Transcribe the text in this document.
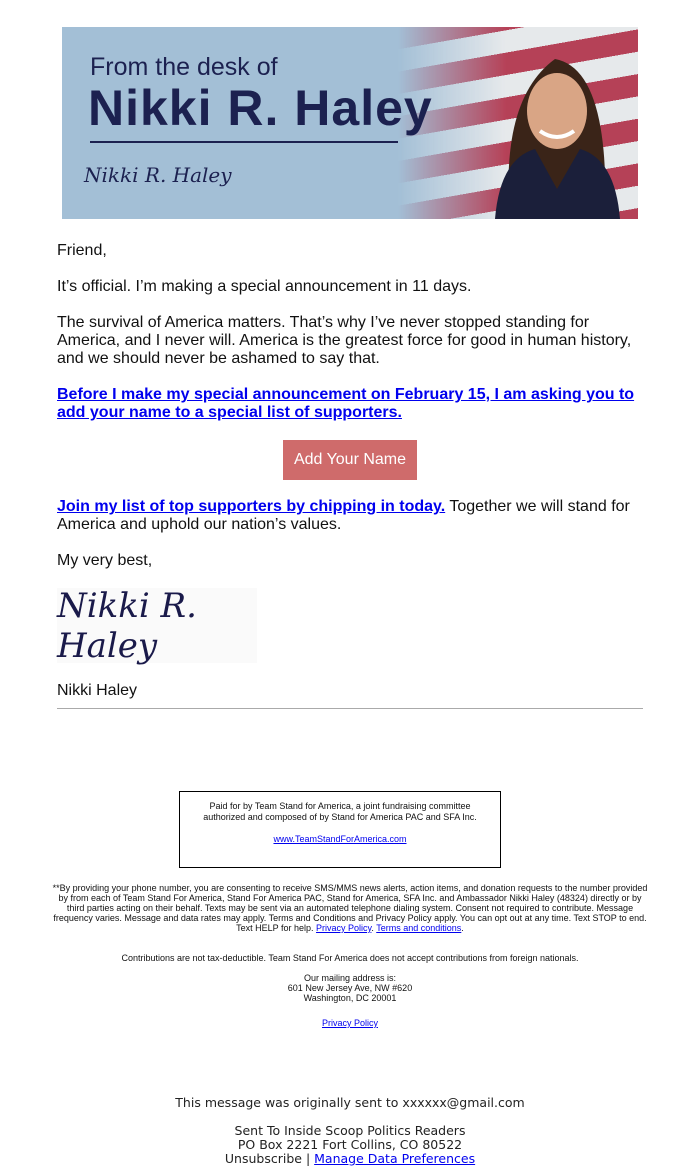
From the desk of
Nikki R. Haley
Nikki R. Haley
Friend,
It’s official. I’m making a special announcement in 11 days.
The survival of America matters. That’s why I’ve never stopped standing for America, and I never will. America is the greatest force for good in human history, and we should never be ashamed to say that.
Before I make my special announcement on February 15, I am asking you to add your name to a special list of supporters.
Join my list of top supporters by chipping in today. Together we will stand for America and uphold our nation’s values.
My very best,
Nikki Haley
Add Your Name
Nikki R. Haley
Paid for by Team Stand for America, a joint fundraising committee authorized and composed of by Stand for America PAC and SFA Inc.
www.TeamStandForAmerica.com
**By providing your phone number, you are consenting to receive SMS/MMS news alerts, action items, and donation requests to the number provided by from each of Team Stand For America, Stand For America PAC, Stand for America, SFA Inc. and Ambassador Nikki Haley (48324) directly or by third parties acting on their behalf. Texts may be sent via an automated telephone dialing system. Consent not required to contribute. Message frequency varies. Message and data rates may apply. Terms and Conditions and Privacy Policy apply. You can opt out at any time. Text STOP to end. Text HELP for help. Privacy Policy. Terms and conditions.
Contributions are not tax-deductible. Team Stand For America does not accept contributions from foreign nationals.
Our mailing address is:
601 New Jersey Ave, NW #620
Washington, DC 20001
Privacy Policy
This message was originally sent to xxxxxx@gmail.com
Sent To Inside Scoop Politics Readers
PO Box 2221 Fort Collins, CO 80522
Unsubscribe | Manage Data Preferences
